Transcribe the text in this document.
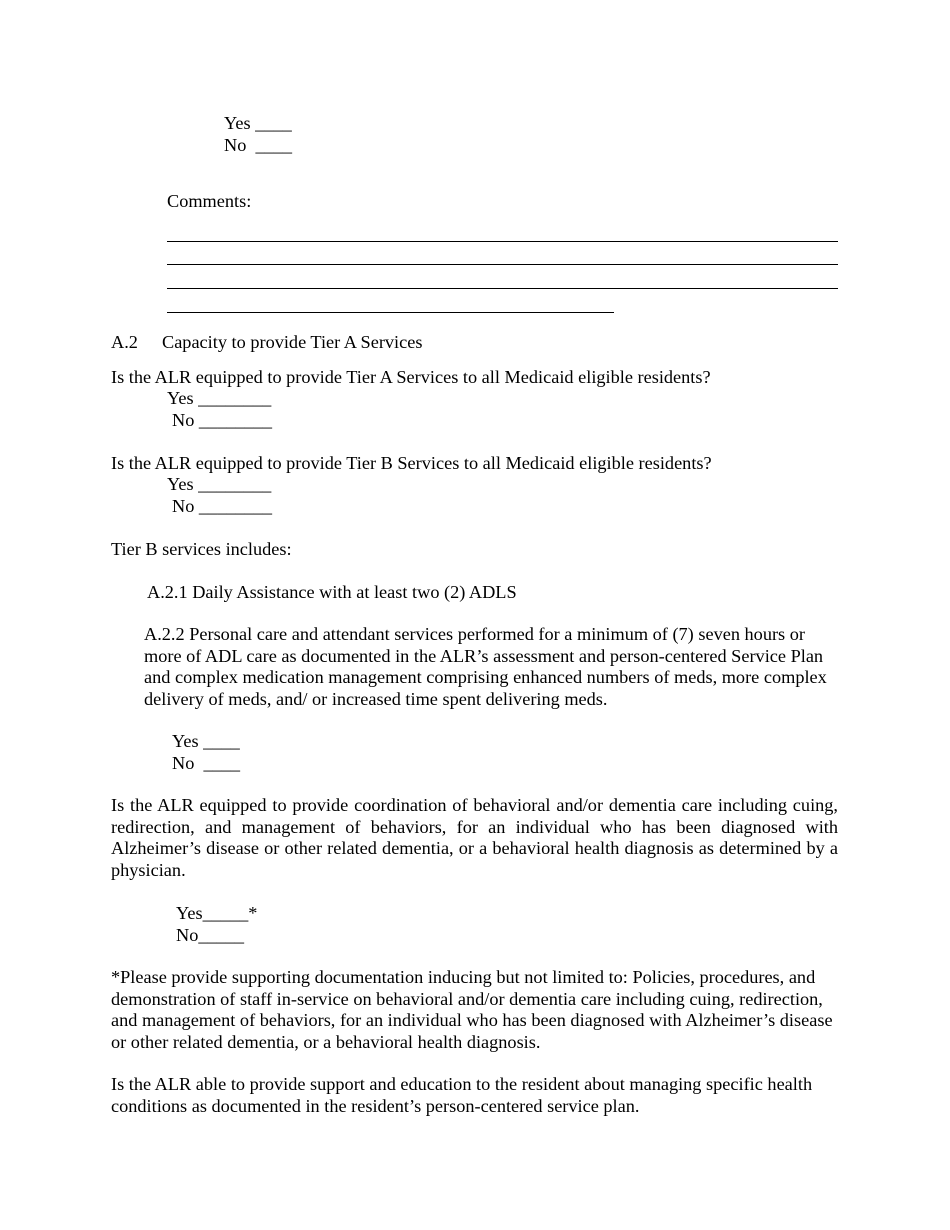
Yes ____
No  ____
Comments:
A.2 Capacity to provide Tier A Services
Is the ALR equipped to provide Tier A Services to all Medicaid eligible residents?
Yes ________
No ________
Is the ALR equipped to provide Tier B Services to all Medicaid eligible residents?
Yes ________
No ________
Tier B services includes:
A.2.1 Daily Assistance with at least two (2) ADLS
A.2.2 Personal care and attendant services performed for a minimum of (7) seven hours or more of ADL care as documented in the ALR’s assessment and person-centered Service Plan and complex medication management comprising enhanced numbers of meds, more complex delivery of meds, and/ or increased time spent delivering meds.
Yes ____
No  ____
Is the ALR equipped to provide coordination of behavioral and/or dementia care including cuing, redirection, and management of behaviors, for an individual who has been diagnosed with Alzheimer’s disease or other related dementia, or a behavioral health diagnosis as determined by a physician.
Yes_____*
No_____
*Please provide supporting documentation inducing but not limited to: Policies, procedures, and demonstration of staff in-service on behavioral and/or dementia care including cuing, redirection, and management of behaviors, for an individual who has been diagnosed with Alzheimer’s disease or other related dementia, or a behavioral health diagnosis.
Is the ALR able to provide support and education to the resident about managing specific health conditions as documented in the resident’s person-centered service plan.
